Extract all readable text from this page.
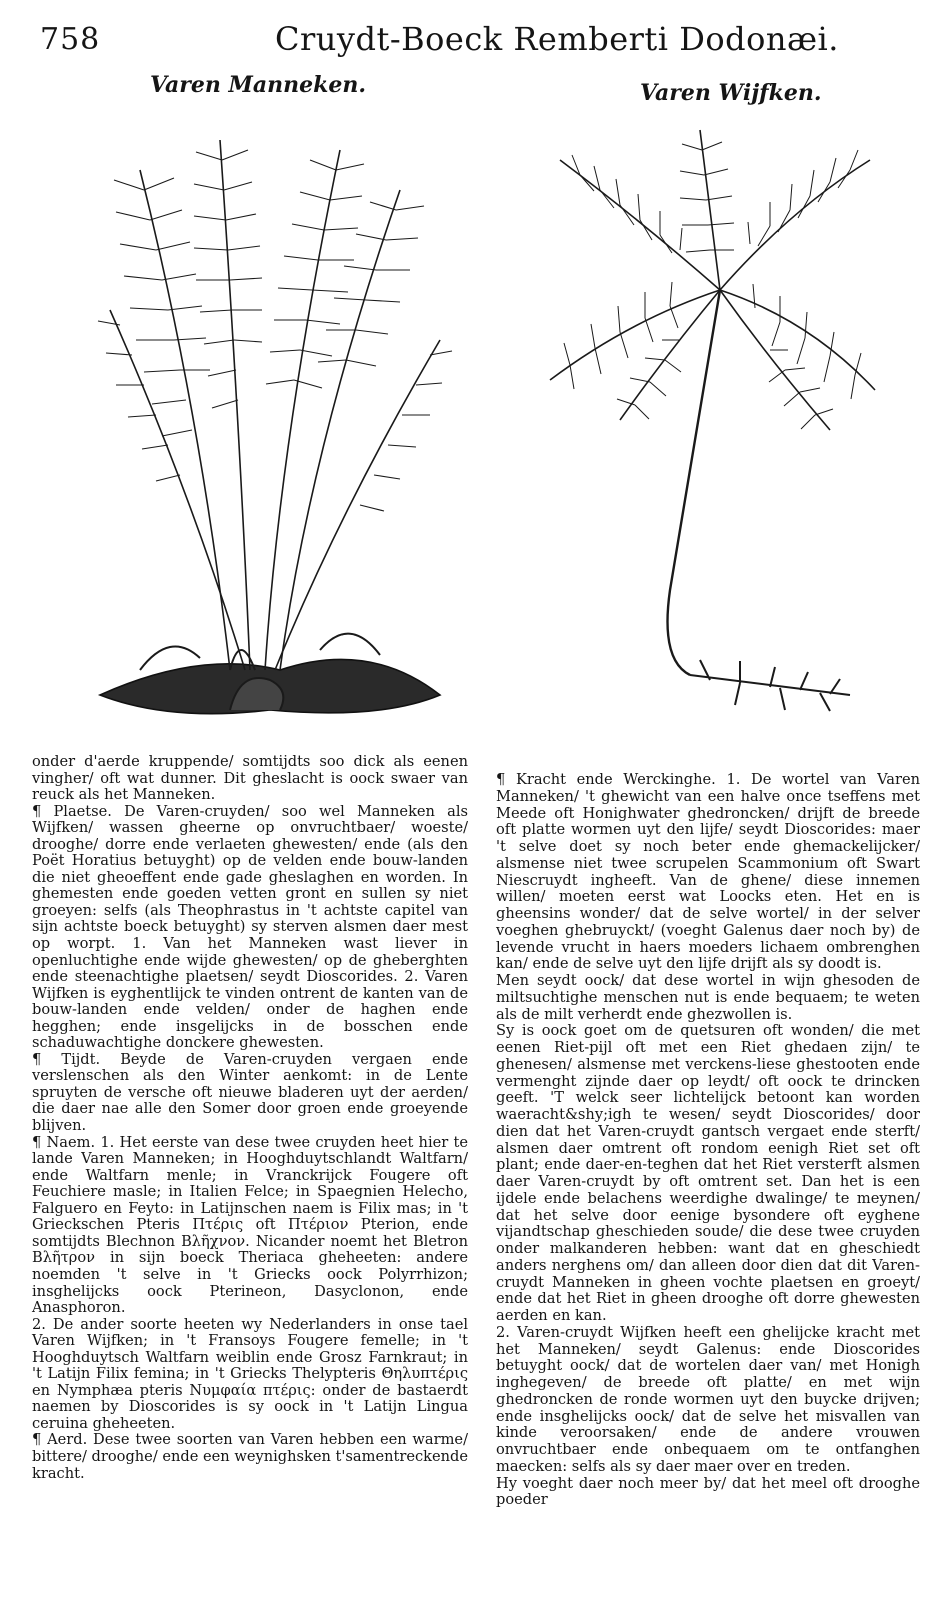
758	Cruydt-Boeck Remberti Dodonæi.
Varen Manneken.	Varen Wijfken.

onder d'aerde kruppende/ somtijdts soo dick als eenen vingher/ oft wat dunner. Dit gheslacht is oock swaer van reuck als het Manneken.

¶ Plaetse. De Varen-cruyden/ soo wel Manneken als Wijfken/ wassen gheerne op onvruchtbaer/ woeste/ drooghe/ dorre ende verlaeten ghewesten/ ende (als den Poët Horatius betuyght) op de velden ende bouw-landen die niet gheoeffent ende gade gheslaghen en worden. In ghemesten ende goeden vetten gront en sullen sy niet groeyen: selfs (als Theophrastus in 't achtste capitel van sijn achtste boeck betuyght) sy sterven alsmen daer mest op worpt. 1. Van het Manneken wast liever in openluchtighe ende wijde ghewesten/ op de gheberghten ende steenachtighe plaetsen/ seydt Dioscorides. 2. Varen Wijfken is eyghentlijck te vinden ontrent de kanten van de bouw-landen ende velden/ onder de haghen ende hegghen; ende insgelijcks in de bosschen ende schaduwachtighe donckere ghewesten.

¶ Tijdt. Beyde de Varen-cruyden vergaen ende verslenschen als den Winter aenkomt: in de Lente spruyten de versche oft nieuwe bladeren uyt der aerden/ die daer nae alle den Somer door groen ende groeyende blijven.

¶ Naem. 1. Het eerste van dese twee cruyden heet hier te lande Varen Manneken; in Hooghduytschlandt Waltfarn/ ende Waltfarn menle; in Vranckrijck Fougere oft Feuchiere masle; in Italien Felce; in Spaegnien Helecho, Falguero en Feyto: in Latijnschen naem is Filix mas; in 't Grieckschen Pteris Πτέρις oft Πτέριον Pterion, ende somtijdts Blechnon Βλῆχνον. Nicander noemt het Bletron Βλῆτρον in sijn boeck Theriaca gheheeten: andere noemden 't selve in 't Griecks oock Polyrrhizon; insghelijcks oock Pterineon, Dasyclonon, ende Anasphoron.

2. De ander soorte heeten wy Nederlanders in onse tael Varen Wijfken; in 't Fransoys Fougere femelle; in 't Hooghduytsch Waltfarn weiblin ende Grosz Farnkraut; in 't Latijn Filix femina; in 't Griecks Thelypteris Θηλυπτέρις en Nymphæa pteris Νυμφαία πτέρις: onder de bastaerdt naemen by Dioscorides is sy oock in 't Latijn Lingua ceruina gheheeten.

¶ Aerd. Dese twee soorten van Varen hebben een warme/ bittere/ drooghe/ ende een weynighsken t'samentreckende kracht.

¶ Kracht ende Werckinghe. 1. De wortel van Varen Manneken/ 't ghewicht van een halve once tseffens met Meede oft Honighwater ghedroncken/ drijft de breede oft platte wormen uyt den lijfe/ seydt Dioscorides: maer 't selve doet sy noch beter ende ghemackelijcker/ alsmense niet twee scrupelen Scammonium oft Swart Niescruydt ingheeft. Van de ghene/ diese innemen willen/ moeten eerst wat Loocks eten. Het en is gheensins wonder/ dat de selve wortel/ in der selver voeghen ghebruyckt/ (voeght Galenus daer noch by) de levende vrucht in haers moeders lichaem ombrenghen kan/ ende de selve uyt den lijfe drijft als sy doodt is.

Men seydt oock/ dat dese wortel in wijn ghesoden de miltsuchtighe menschen nut is ende bequaem; te weten als de milt verherdt ende ghezwollen is.

Sy is oock goet om de quetsuren oft wonden/ die met eenen Riet-pijl oft met een Riet ghedaen zijn/ te ghenesen/ alsmense met verckens-liese ghestooten ende vermenght zijnde daer op leydt/ oft oock te drincken geeft. 'T welck seer lichtelijck betoont kan worden waeracht&shy;igh te wesen/ seydt Dioscorides/ door dien dat het Varen-cruydt gantsch vergaet ende sterft/ alsmen daer omtrent oft rondom eenigh Riet set oft plant; ende daer-en-teghen dat het Riet versterft alsmen daer Varen-cruydt by oft omtrent set. Dan het is een ijdele ende belachens weerdighe dwalinge/ te meynen/ dat het selve door eenige bysondere oft eyghene vijandtschap gheschieden soude/ die dese twee cruyden onder malkanderen hebben: want dat en gheschiedt anders nerghens om/ dan alleen door dien dat dit Varen-cruydt Manneken in gheen vochte plaetsen en groeyt/ ende dat het Riet in gheen drooghe oft dorre ghewesten aerden en kan.

2. Varen-cruydt Wijfken heeft een ghelijcke kracht met het Manneken/ seydt Galenus: ende Dioscorides betuyght oock/ dat de wortelen daer van/ met Honigh inghegeven/ de breede oft platte/ en met wijn ghedroncken de ronde wormen uyt den buycke drijven; ende insghelijcks oock/ dat de selve het misvallen van kinde veroorsaken/ ende de andere vrouwen onvruchtbaer ende onbequaem om te ontfanghen maecken: selfs als sy daer maer over en treden.

Hy voeght daer noch meer by/ dat het meel oft drooghe poeder
